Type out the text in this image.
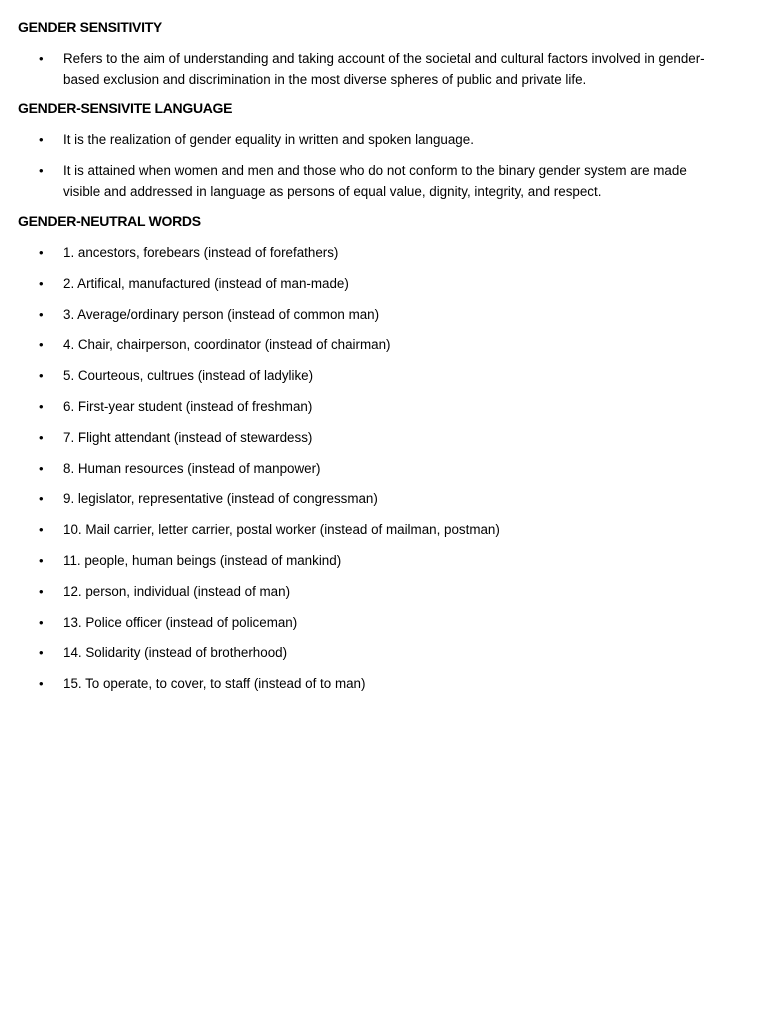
GENDER SENSITIVITY
• Refers to the aim of understanding and taking account of the societal and cultural factors involved in gender-based exclusion and discrimination in the most diverse spheres of public and private life.
GENDER-SENSIVITE LANGUAGE
• It is the realization of gender equality in written and spoken language.
• It is attained when women and men and those who do not conform to the binary gender system are made visible and addressed in language as persons of equal value, dignity, integrity, and respect.
GENDER-NEUTRAL WORDS
• 1. ancestors, forebears (instead of forefathers)
• 2. Artifical, manufactured (instead of man-made)
• 3. Average/ordinary person (instead of common man)
• 4. Chair, chairperson, coordinator (instead of chairman)
• 5. Courteous, cultrues (instead of ladylike)
• 6. First-year student (instead of freshman)
• 7. Flight attendant (instead of stewardess)
• 8. Human resources (instead of manpower)
• 9. legislator, representative (instead of congressman)
• 10. Mail carrier, letter carrier, postal worker (instead of mailman, postman)
• 11. people, human beings (instead of mankind)
• 12. person, individual (instead of man)
• 13. Police officer (instead of policeman)
• 14. Solidarity (instead of brotherhood)
• 15. To operate, to cover, to staff (instead of to man)
